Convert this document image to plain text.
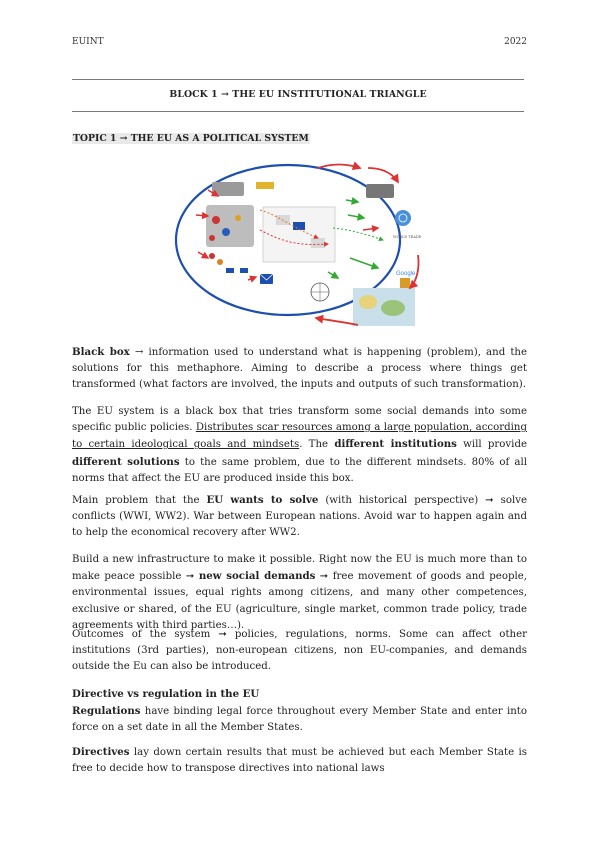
EUINT	2022
BLOCK 1 → THE EU INSTITUTIONAL TRIANGLE
TOPIC 1 → THE EU AS A POLITICAL SYSTEM
WORLD TRADE
Google

Black box → information used to understand what is happening (problem), and the solutions for this methaphore. Aiming to describe a process where things get transformed (what factors are involved, the inputs and outputs of such transformation).

The EU system is a black box that tries transform some social demands into some specific public policies. Distributes scar resources among a large population, according to certain ideological goals and mindsets. The different institutions will provide different solutions to the same problem, due to the different mindsets. 80% of all norms that affect the EU are produced inside this box.

Main problem that the EU wants to solve (with historical perspective) ➞ solve conflicts (WWI, WW2). War between European nations. Avoid war to happen again and to help the economical recovery after WW2.

Build a new infrastructure to make it possible. Right now the EU is much more than to make peace possible ➞ new social demands ➞ free movement of goods and people, environmental issues, equal rights among citizens, and many other competences, exclusive or shared, of the EU (agriculture, single market, common trade policy, trade agreements with third parties…).

Outcomes of the system ➞ policies, regulations, norms. Some can affect other institutions (3rd parties), non-european citizens, non EU-companies, and demands outside the Eu can also be introduced.

Directive vs regulation in the EU

Regulations have binding legal force throughout every Member State and enter into force on a set date in all the Member States.

Directives lay down certain results that must be achieved but each Member State is free to decide how to transpose directives into national laws
